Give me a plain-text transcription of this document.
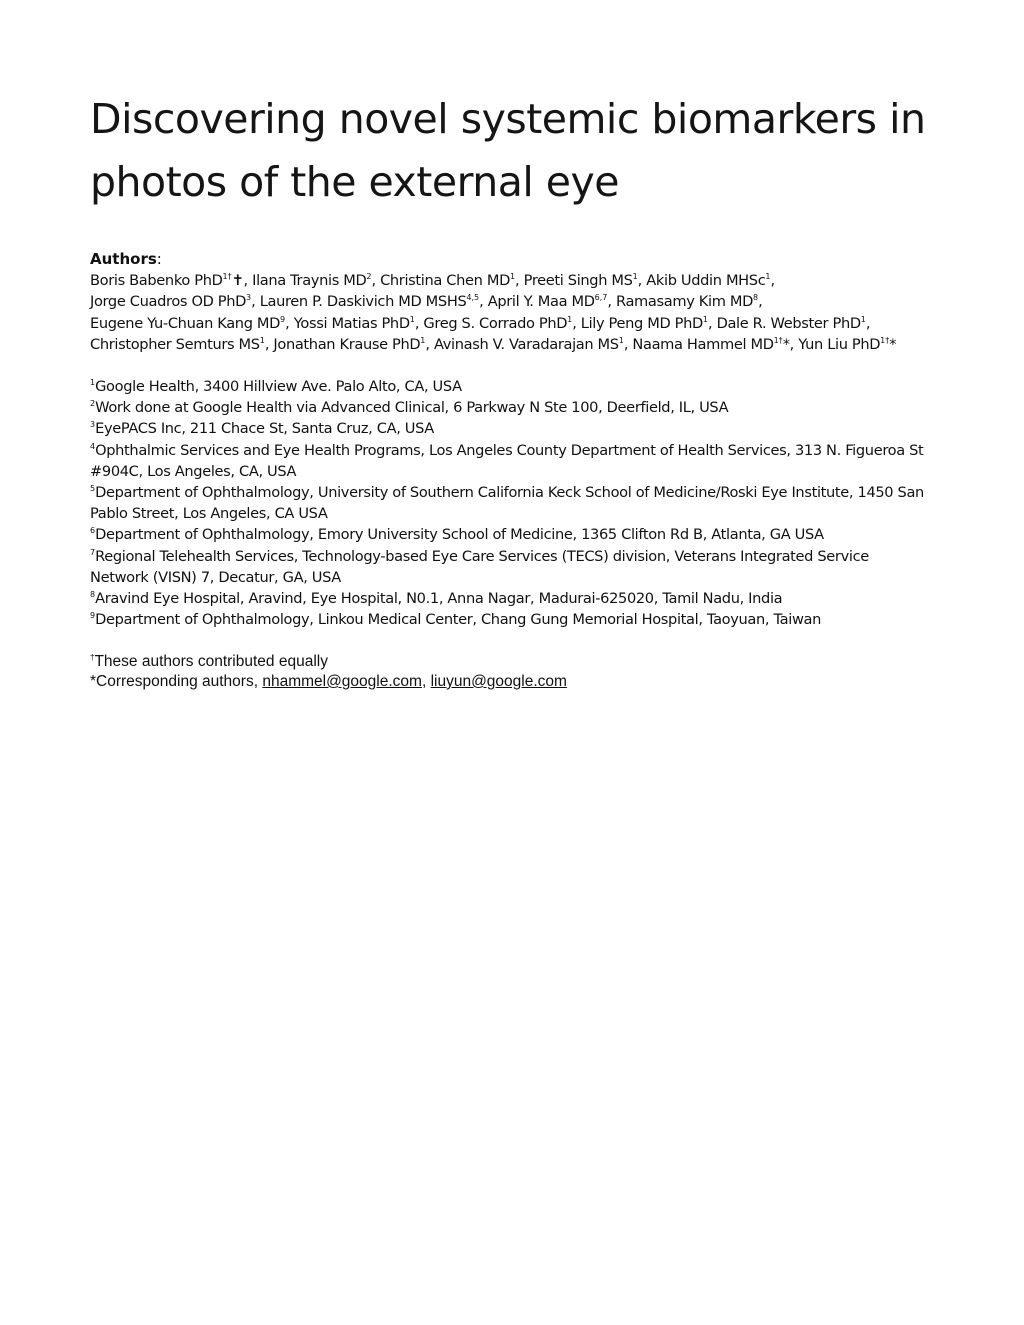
Discovering novel systemic biomarkers in photos of the external eye

Authors:

Boris Babenko PhD$^{1\dagger}$✝, Ilana Traynis $MD^2$, Christina Chen $MD^1$, Preeti Singh $MS^1$, Akib Uddin MHSc$^1$, Jorge Cuadros OD PhD$^3$, Lauren P. Daskivich MD MSHS$^{4,5}$, April Y. Maa MD$^{6,7}$, Ramasamy Kim $MD^8$, Eugene Yu-Chuan Kang $MD^9$, Yossi Matias PhD$^1$, Greg S. Corrado PhD$^1$, Lily Peng MD PhD$^1$, Dale R. Webster PhD$^1$, Christopher Semturs $MS^1$, Jonathan Krause PhD$^1$, Avinash V. Varadarajan $MS^1$, Naama Hammel $MD^{1\dagger}*$, Yun Liu PhD$^{1\dagger}$*

$^1$Google Health, 3400 Hillview Ave. Palo Alto, CA, USA
$^2$Work done at Google Health via Advanced Clinical, 6 Parkway N Ste 100, Deerfield, IL, USA
$^3$EyePACS Inc, 211 Chace St, Santa Cruz, CA, USA
$^4$Ophthalmic Services and Eye Health Programs, Los Angeles County Department of Health Services, 313 N. Figueroa St #904C, Los Angeles, CA, USA
$^5$Department of Ophthalmology, University of Southern California Keck School of Medicine/Roski Eye Institute, 1450 San Pablo Street, Los Angeles, CA USA
$^6$Department of Ophthalmology, Emory University School of Medicine, 1365 Clifton Rd B, Atlanta, GA USA
$^7$Regional Telehealth Services, Technology-based Eye Care Services (TECS) division, Veterans Integrated Service Network (VISN) 7, Decatur, GA, USA
$^8$Aravind Eye Hospital, Aravind, Eye Hospital, N0.1, Anna Nagar, Madurai-625020, Tamil Nadu, India
$^9$Department of Ophthalmology, Linkou Medical Center, Chang Gung Memorial Hospital, Taoyuan, Taiwan
†These authors contributed equally
*Corresponding authors, nhammel@google.com, liuyun@google.com
